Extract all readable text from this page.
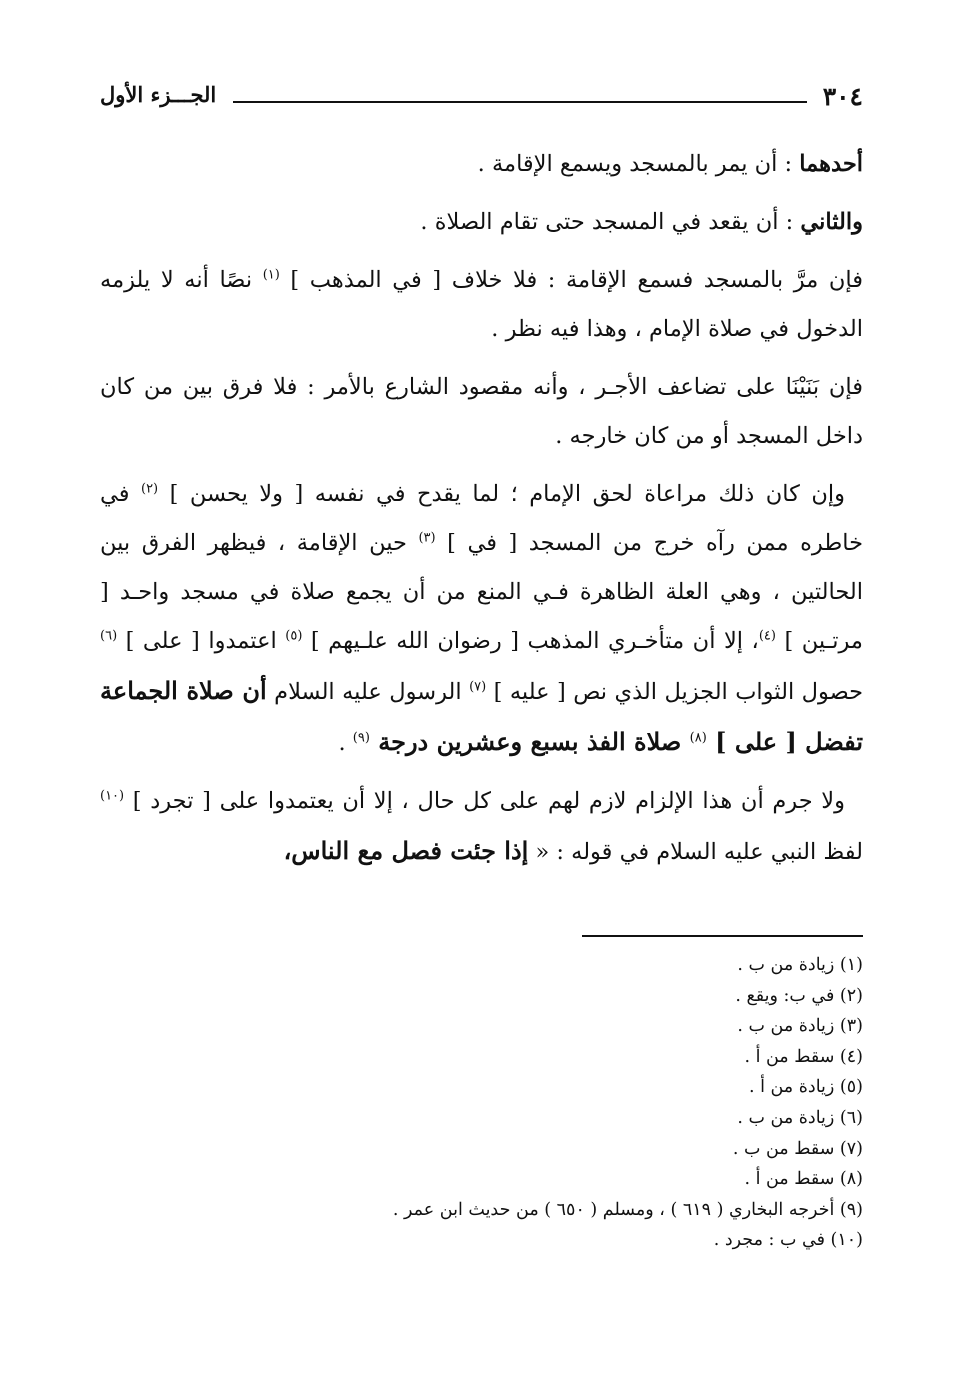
٣٠٤
الجـــزء الأول

أحدهما : أن يمر بالمسجد ويسمع الإقامة .

والثاني : أن يقعد في المسجد حتى تقام الصلاة .

فإن مرَّ بالمسجد فسمع الإقامة : فلا خلاف [ في المذهب ] $^{(١)}$ نصًا أنه لا يلزمه الدخول في صلاة الإمام ، وهذا فيه نظر .

فإن بَنَيْنَا على تضاعف الأجـر ، وأنه مقصود الشارع بالأمر : فلا فرق بين من كان داخل المسجد أو من كان خارجه .

وإن كان ذلك مراعاة لحق الإمام ؛ لما يقدح في نفسه [ ولا يحسن ] $^{(٢)}$ في خاطره ممن رآه خرج من المسجد [ في ] $^{(٣)}$ حين الإقامة ، فيظهر الفرق بين الحالتين ، وهي العلة الظاهرة فـي المنع من أن يجمع صلاة في مسجد واحـد [ مرتـين ] $^{(٤)}$، إلا أن متأخـري المذهب [ رضوان الله علـيهم ] $^{(٥)}$ اعتمدوا [ على ] $^{(٦)}$ حصول الثواب الجزيل الذي نص [ عليه ] $^{(٧)}$ الرسول عليه السلام أن صلاة الجماعة تفضل [ على ] $^{(٨)}$ صلاة الفذ بسبع وعشرين درجة $^{(٩)}$ .

ولا جرم أن هذا الإلزام لازم لهم على كل حال ، إلا أن يعتمدوا على [ تجرد ] $^{(١٠)}$ لفظ النبي عليه السلام في قوله : « إذا جئت فصل مع الناس،

(١) زيادة من ب .
(٢) في ب: ويقع .
(٣) زيادة من ب .
(٤) سقط من أ .
(٥) زيادة من أ .
(٦) زيادة من ب .
(٧) سقط من ب .
(٨) سقط من أ .
(٩) أخرجه البخاري ( ٦١٩ ) ، ومسلم ( ٦٥٠ ) من حديث ابن عمر .
(١٠) في ب : مجرد .
